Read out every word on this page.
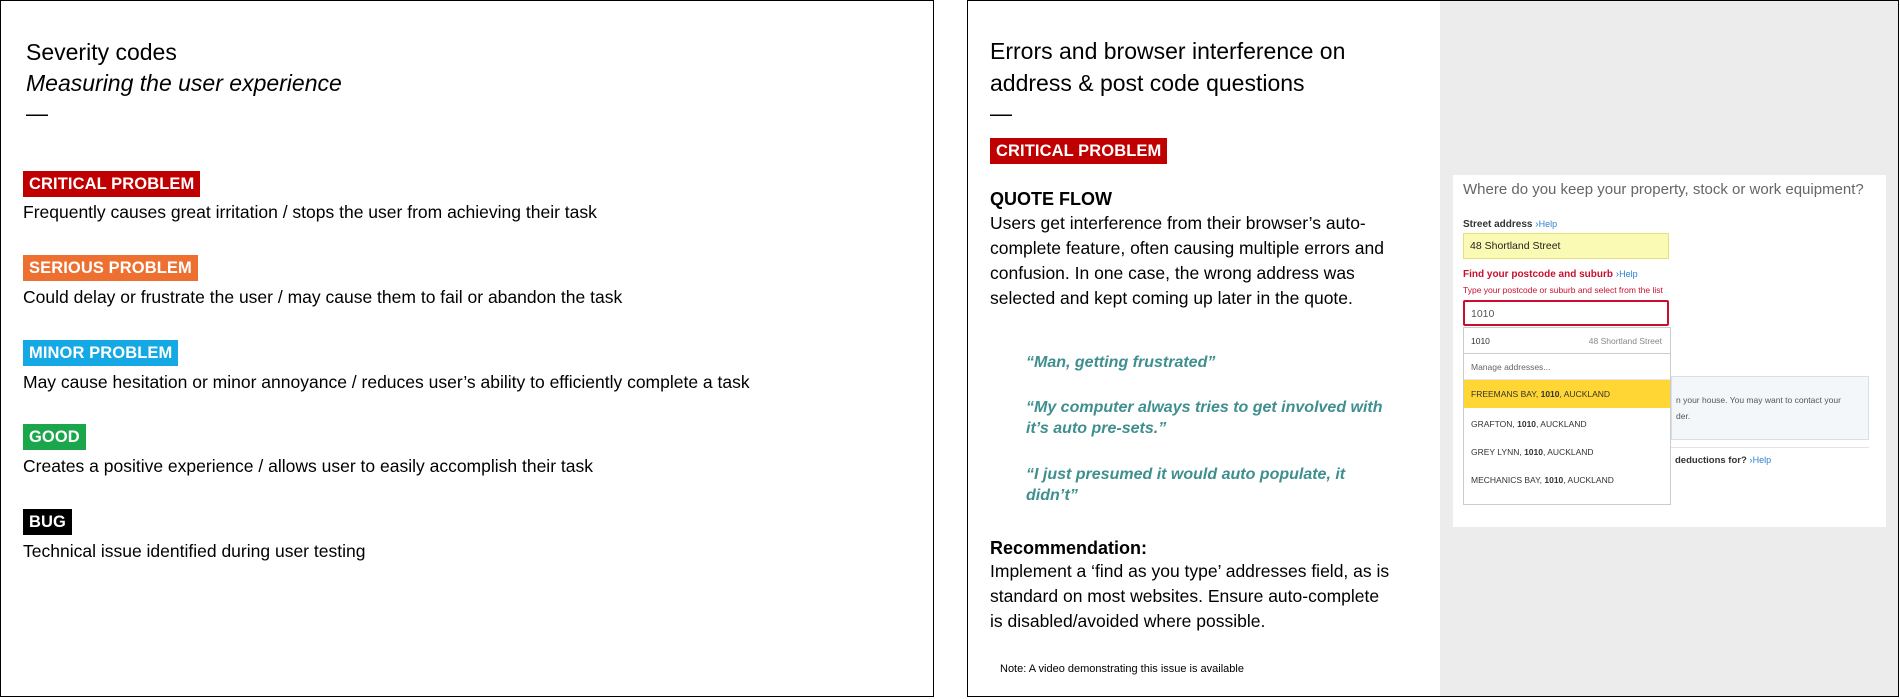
Severity codes
Measuring the user experience
—
CRITICAL PROBLEM
Frequently causes great irritation / stops the user from achieving their task
SERIOUS PROBLEM
Could delay or frustrate the user / may cause them to fail or abandon the task
MINOR PROBLEM
May cause hesitation or minor annoyance / reduces user’s ability to efficiently complete a task
GOOD
Creates a positive experience / allows user to easily accomplish their task
BUG
Technical issue identified during user testing
Errors and browser interference on address & post code questions
—
CRITICAL PROBLEM
QUOTE FLOW
Users get interference from their browser’s auto-complete feature, often causing multiple errors and confusion. In one case, the wrong address was selected and kept coming up later in the quote.
“Man, getting frustrated”
“My computer always tries to get involved with it’s auto pre-sets.”
“I just presumed it would auto populate, it didn’t”
Recommendation:
Implement a ‘find as you type’ addresses field, as is standard on most websites. Ensure auto-complete is disabled/avoided where possible.
Note: A video demonstrating this issue is available
Where do you keep your property, stock or work equipment?
Street address ›Help
48 Shortland Street
Find your postcode and suburb ›Help
Type your postcode or suburb and select from the list
1010
1010	48 Shortland Street
n your house. You may want to contact your
der.
deductions for? ›Help
Manage addresses...
FREEMANS BAY, 1010, AUCKLAND
GRAFTON, 1010, AUCKLAND
GREY LYNN, 1010, AUCKLAND
MECHANICS BAY, 1010, AUCKLAND
